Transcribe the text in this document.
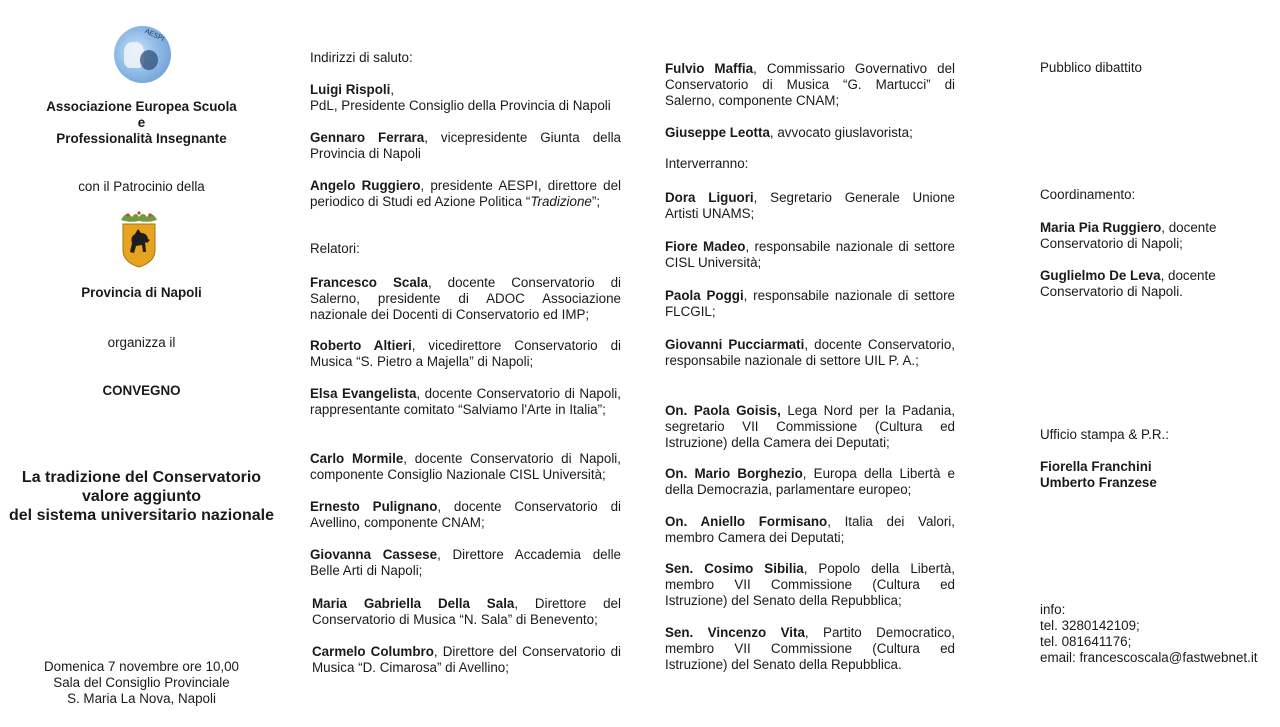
AESPI
Associazione Europea Scuola
e
Professionalità Insegnante
con il Patrocinio della
Provincia di Napoli
organizza il
CONVEGNO
La tradizione del Conservatorio
valore aggiunto
del sistema universitario nazionale
Domenica 7 novembre ore 10,00
Sala del Consiglio Provinciale
S. Maria La Nova, Napoli
Indirizzi di saluto:

Luigi Rispoli,
PdL, Presidente Consiglio della Provincia di Napoli

Gennaro Ferrara, vicepresidente Giunta della Provincia di Napoli

Angelo Ruggiero, presidente AESPI, direttore del periodico di Studi ed Azione Politica “Tradizione”;

Relatori:

Francesco Scala, docente Conservatorio di Salerno, presidente di ADOC Associazione nazionale dei Docenti di Conservatorio ed IMP;

Roberto Altieri, vicedirettore Conservatorio di Musica “S. Pietro a Majella” di Napoli;

Elsa Evangelista, docente Conservatorio di Napoli, rappresentante comitato “Salviamo l'Arte in Italia”;

Carlo Mormile, docente Conservatorio di Napoli, componente Consiglio Nazionale CISL Università;

Ernesto Pulignano, docente Conservatorio di Avellino, componente CNAM;

Giovanna Cassese, Direttore Accademia delle Belle Arti di Napoli;

Maria Gabriella Della Sala, Direttore del Conservatorio di Musica “N. Sala” di Benevento;

Carmelo Columbro, Direttore del Conservatorio di Musica “D. Cimarosa” di Avellino;

Fulvio Maffia, Commissario Governativo del Conservatorio di Musica “G. Martucci” di Salerno, componente CNAM;

Giuseppe Leotta, avvocato giuslavorista;

Interverranno:

Dora Liguori, Segretario Generale Unione Artisti UNAMS;

Fiore Madeo, responsabile nazionale di settore CISL Università;

Paola Poggi, responsabile nazionale di settore FLCGIL;

Giovanni Pucciarmati, docente Conservatorio, responsabile nazionale di settore UIL P. A.;

On. Paola Goisis, Lega Nord per la Padania, segretario VII Commissione (Cultura ed Istruzione) della Camera dei Deputati;

On. Mario Borghezio, Europa della Libertà e della Democrazia, parlamentare europeo;

On. Aniello Formisano, Italia dei Valori, membro Camera dei Deputati;

Sen. Cosimo Sibilia, Popolo della Libertà, membro VII Commissione (Cultura ed Istruzione) del Senato della Repubblica;

Sen. Vincenzo Vita, Partito Democratico, membro VII Commissione (Cultura ed Istruzione) del Senato della Repubblica.

Pubblico dibattito
Coordinamento:

Maria Pia Ruggiero, docente Conservatorio di Napoli;

Guglielmo De Leva, docente Conservatorio di Napoli.

Ufficio stampa & P.R.:
Fiorella Franchini
Umberto Franzese
info:
tel. 3280142109;
tel. 081641176;
email: francescoscala@fastwebnet.it
